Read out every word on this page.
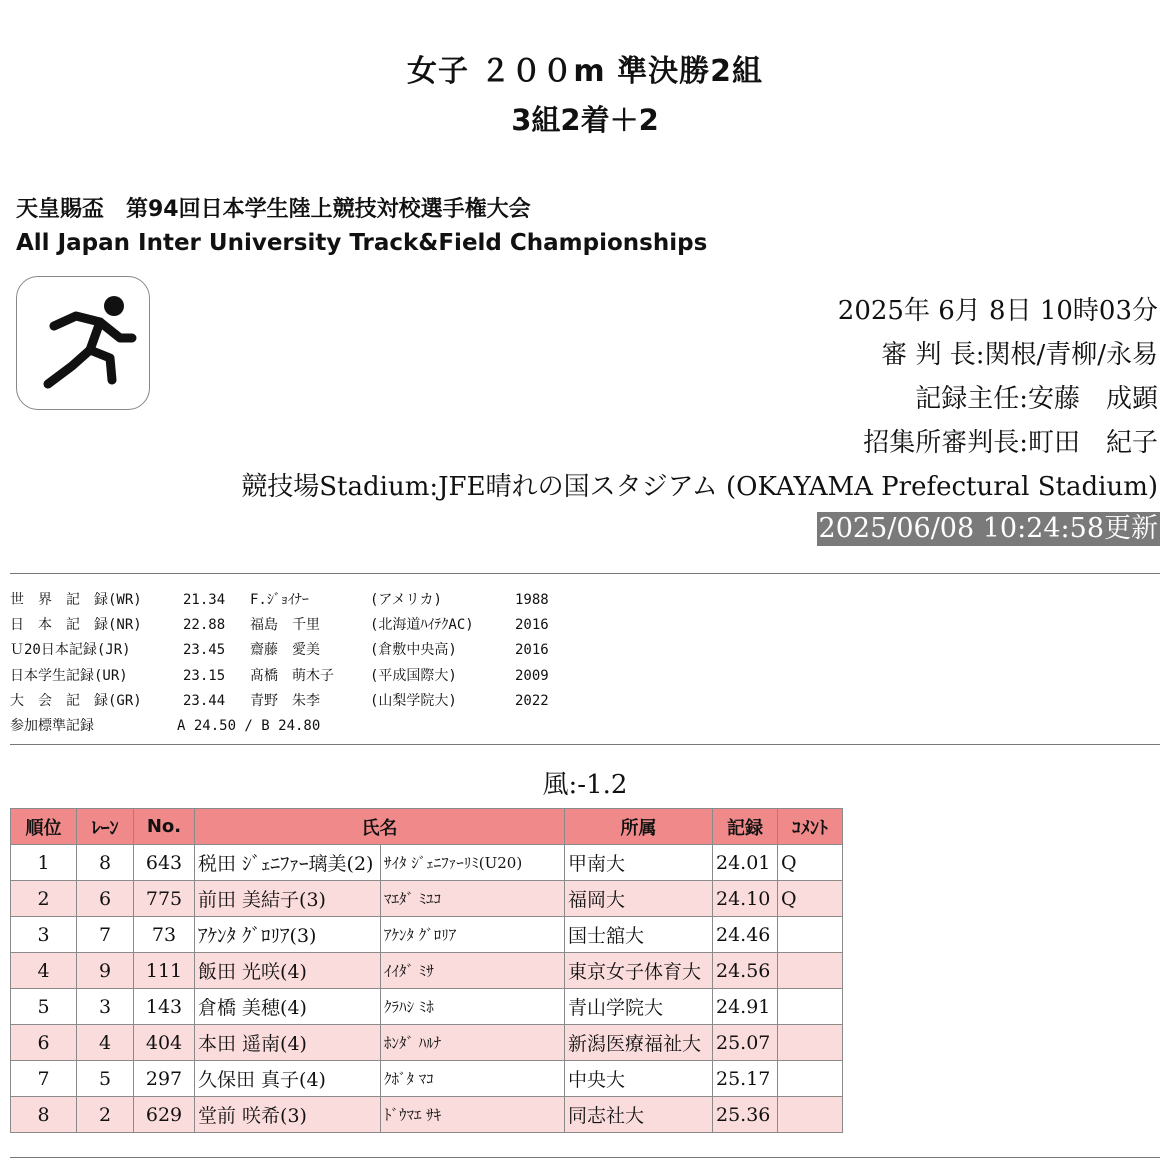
女子 ２００m 準決勝2組
3組2着＋2
天皇賜盃　第94回日本学生陸上競技対校選手権大会
All Japan Inter University Track&Field Championships
2025年 6月 8日 10時03分
審 判 長:関根/青柳/永易
記録主任:安藤　成顕
招集所審判長:町田　紀子
競技場Stadium:JFE晴れの国スタジアム (OKAYAMA Prefectural Stadium)
2025/06/08 10:24:58更新
世　界　記　録(WR)	21.34 F.ｼﾞｮｲﾅｰ	(アメリカ)	1988
日　本　記　録(NR)	22.88 福島　千里	(北海道ﾊｲﾃｸAC)	2016
Ｕ20日本記録(JR)	23.45 齋藤　愛美	(倉敷中央高)	2016
日本学生記録(UR)	23.15 髙橋　萌木子	(平成国際大)	2009
大　会　記　録(GR)	23.44 青野　朱李	(山梨学院大)	2022
参加標準記録	A 24.50 / B 24.80
風:-1.2
順位	ﾚｰﾝ	No.	氏名		所属	記録	ｺﾒﾝﾄ
1	8	643	税田 ｼﾞｪﾆﾌｧｰ璃美(2)	ｻｲﾀ ｼﾞｪﾆﾌｧｰﾘﾐ(U20)	甲南大	24.01	Q
2	6	775	前田 美結子(3)	ﾏｴﾀﾞ ﾐﾕｺ	福岡大	24.10	Q
3	7	73	ｱｹﾝﾀ ｸﾞﾛﾘｱ(3)	ｱｹﾝﾀ ｸﾞﾛﾘｱ	国士舘大	24.46	
4	9	111	飯田 光咲(4)	ｲｲﾀﾞ ﾐｻ	東京女子体育大	24.56	
5	3	143	倉橋 美穂(4)	ｸﾗﾊｼ ﾐﾎ	青山学院大	24.91	
6	4	404	本田 遥南(4)	ﾎﾝﾀﾞ ﾊﾙﾅ	新潟医療福祉大	25.07	
7	5	297	久保田 真子(4)	ｸﾎﾞﾀ ﾏｺ	中央大	25.17	
8	2	629	堂前 咲希(3)	ﾄﾞｳﾏｴ ｻｷ	同志社大	25.36	
